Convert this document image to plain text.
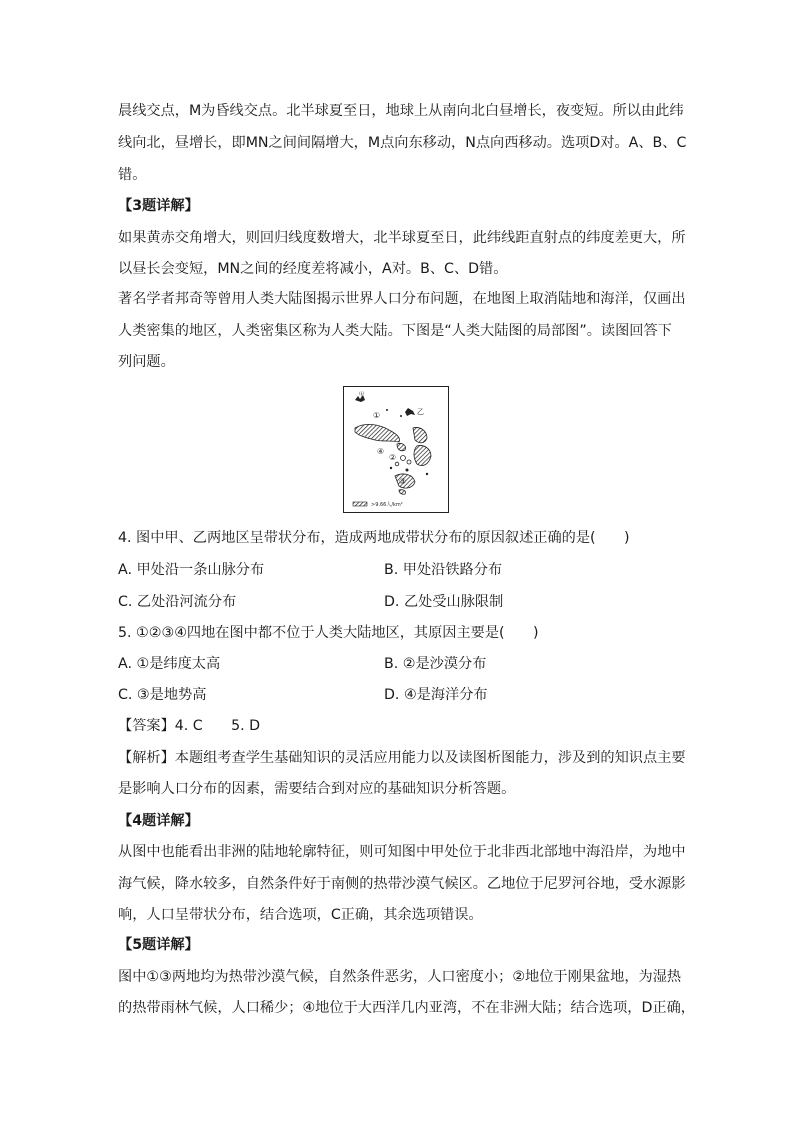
晨线交点，M为昏线交点。北半球夏至日，地球上从南向北白昼增长，夜变短。所以由此纬
线向北，昼增长，即MN之间间隔增大，M点向东移动，N点向西移动。选项D对。A、B、C
错。
【3题详解】
如果黄赤交角增大，则回归线度数增大，北半球夏至日，此纬线距直射点的纬度差更大，所
以昼长会变短，MN之间的经度差将减小，A对。B、C、D错。
著名学者邦奇等曾用人类大陆图揭示世界人口分布问题，在地图上取消陆地和海洋，仅画出
人类密集的地区，人类密集区称为人类大陆。下图是“人类大陆图的局部图”。读图回答下
列问题。
甲
乙
①
②
③
④
>9.66人/km²
4. 图中甲、乙两地区呈带状分布，造成两地成带状分布的原因叙述正确的是(　　)
A. 甲处沿一条山脉分布	B. 甲处沿铁路分布
C. 乙处沿河流分布	D. 乙处受山脉限制
5. ①②③④四地在图中都不位于人类大陆地区，其原因主要是(　　)
A. ①是纬度太高	B. ②是沙漠分布
C. ③是地势高	D. ④是海洋分布
【答案】4. C　　5. D
【解析】本题组考查学生基础知识的灵活应用能力以及读图析图能力，涉及到的知识点主要
是影响人口分布的因素，需要结合到对应的基础知识分析答题。
【4题详解】
从图中也能看出非洲的陆地轮廓特征，则可知图中甲处位于北非西北部地中海沿岸，为地中
海气候，降水较多，自然条件好于南侧的热带沙漠气候区。乙地位于尼罗河谷地，受水源影
响，人口呈带状分布，结合选项，C正确，其余选项错误。
【5题详解】
图中①③两地均为热带沙漠气候，自然条件恶劣，人口密度小；②地位于刚果盆地，为湿热
的热带雨林气候，人口稀少；④地位于大西洋几内亚湾，不在非洲大陆；结合选项，D正确，
